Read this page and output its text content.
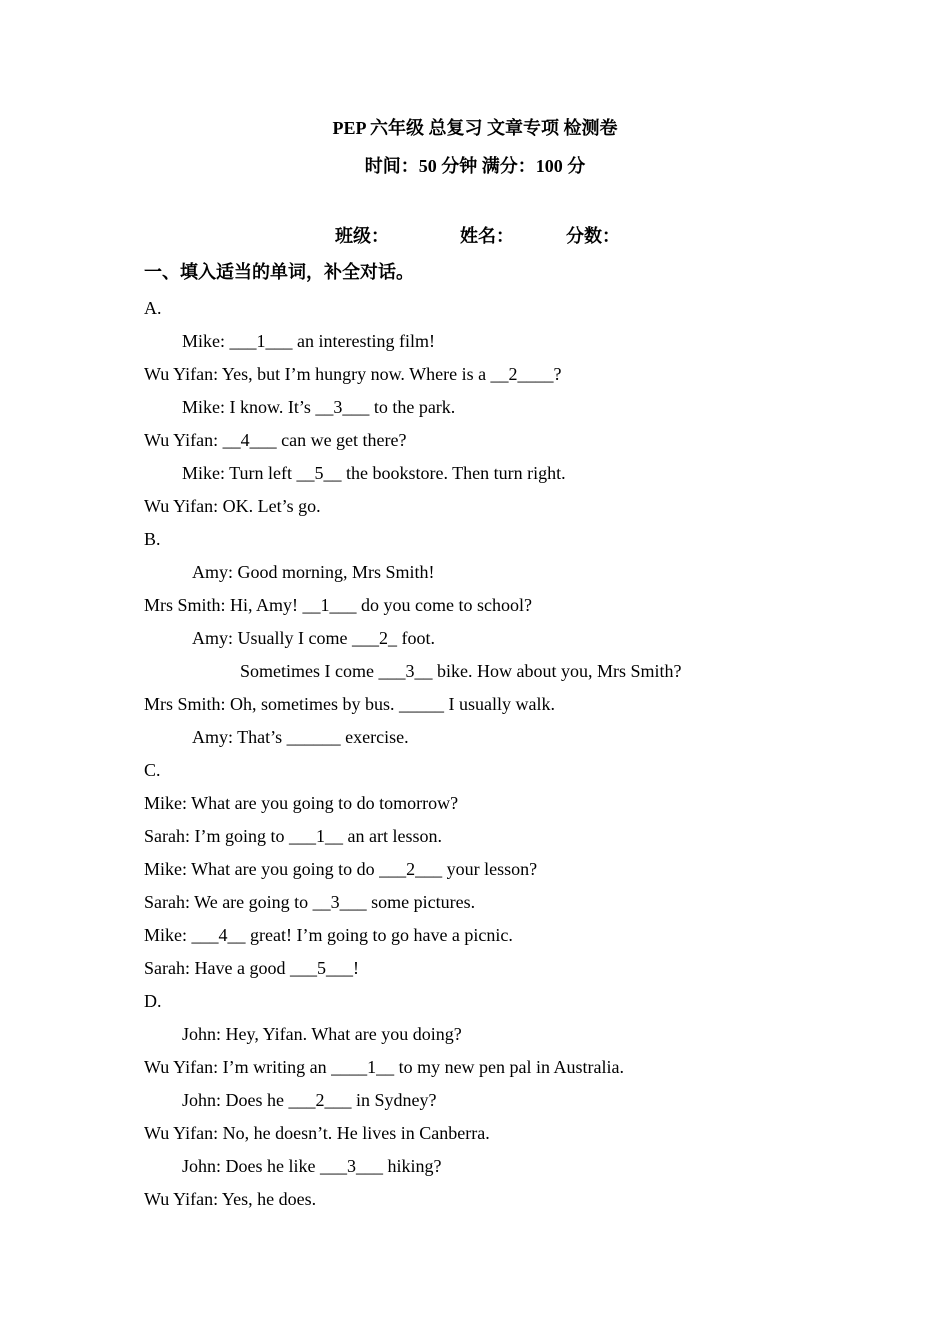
PEP 六年级 总复习 文章专项 检测卷
时间：50 分钟 满分：100 分
班级：	姓名：	分数：
一、填入适当的单词，补全对话。
A.
Mike: ___1___ an interesting film!
Wu Yifan: Yes, but I’m hungry now. Where is a __2____?
Mike: I know. It’s __3___ to the park.
Wu Yifan: __4___ can we get there?
Mike: Turn left __5__ the bookstore. Then turn right.
Wu Yifan: OK. Let’s go.
B.
Amy: Good morning, Mrs Smith!
Mrs Smith: Hi, Amy! __1___ do you come to school?
Amy: Usually I come ___2_ foot.
Sometimes I come ___3__ bike. How about you, Mrs Smith?
Mrs Smith: Oh, sometimes by bus. _____ I usually walk.
Amy: That’s ______ exercise.
C.
Mike: What are you going to do tomorrow?
Sarah: I’m going to ___1__ an art lesson.
Mike: What are you going to do ___2___ your lesson?
Sarah: We are going to __3___ some pictures.
Mike: ___4__ great! I’m going to go have a picnic.
Sarah: Have a good ___5___!
D.
John: Hey, Yifan. What are you doing?
Wu Yifan: I’m writing an ____1__ to my new pen pal in Australia.
John: Does he ___2___ in Sydney?
Wu Yifan: No, he doesn’t. He lives in Canberra.
John: Does he like ___3___ hiking?
Wu Yifan: Yes, he does.
